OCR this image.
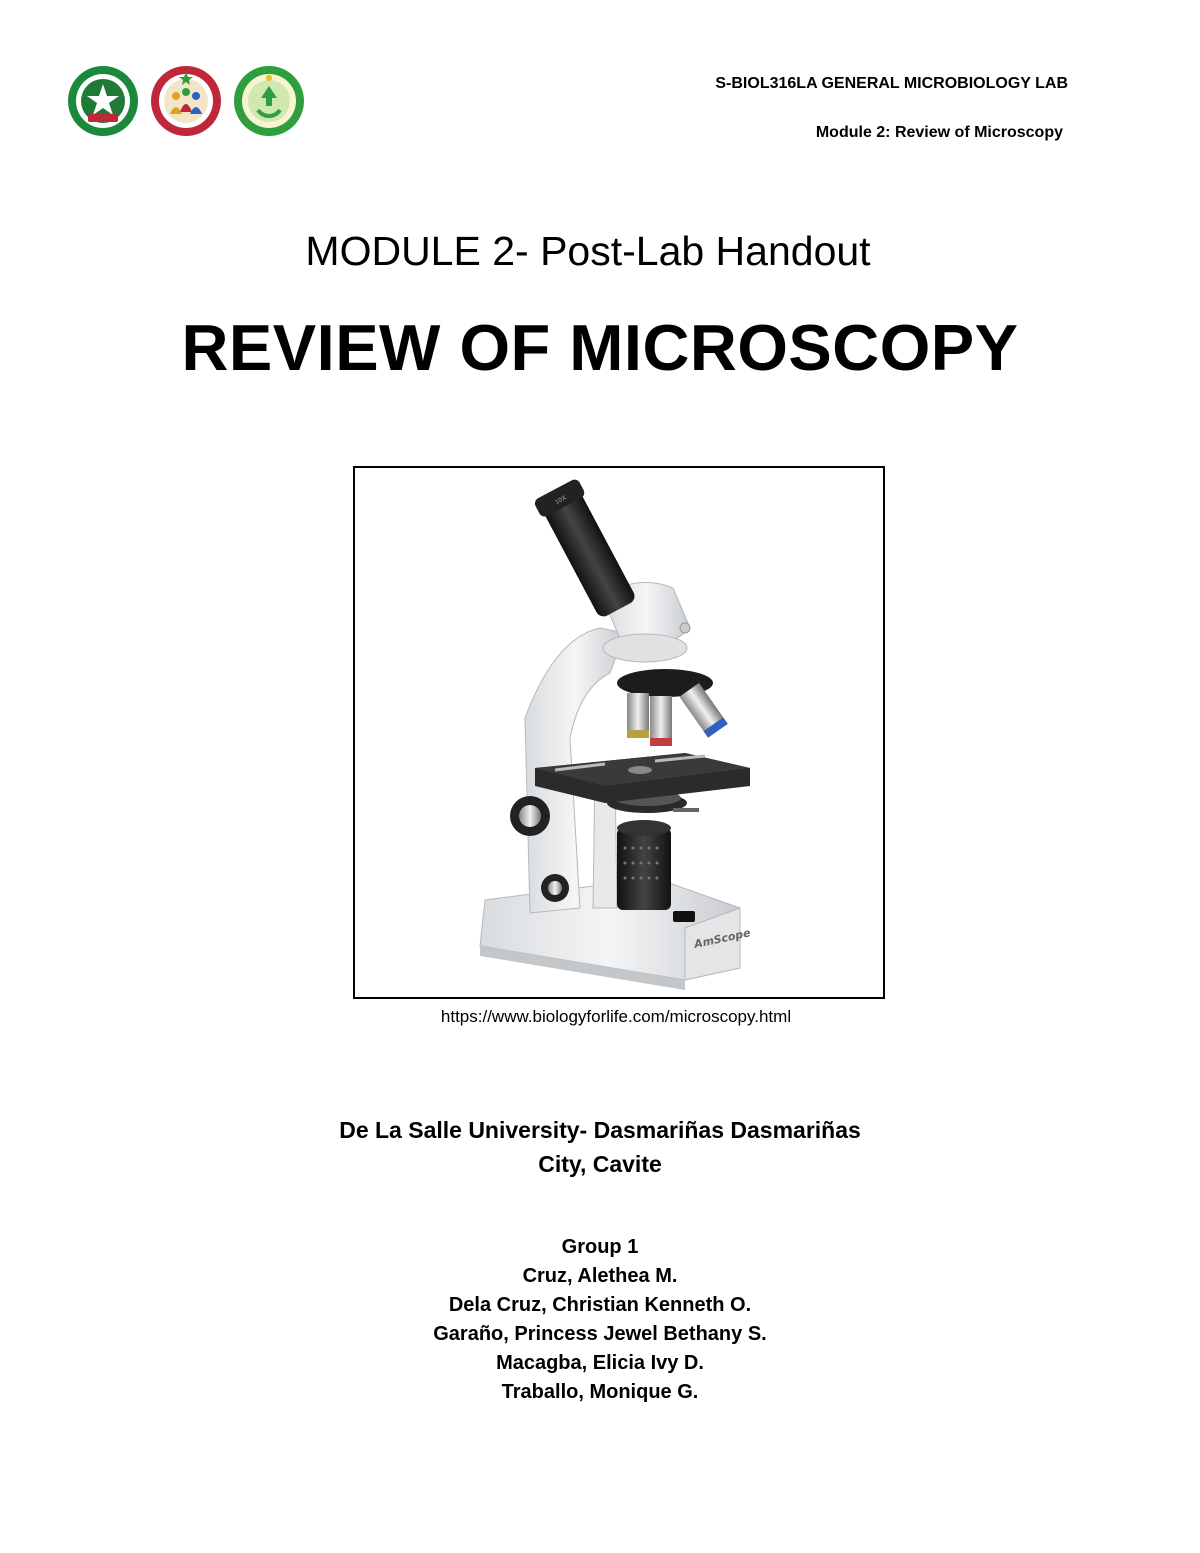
S-BIOL316LA GENERAL MICROBIOLOGY LAB
Module 2: Review of Microscopy
MODULE 2- Post-Lab Handout
REVIEW OF MICROSCOPY
AmScope
10X
https://www.biologyforlife.com/microscopy.html
De La Salle University- Dasmariñas Dasmariñas
City, Cavite
Group 1
Cruz, Alethea M.
Dela Cruz, Christian Kenneth O.
Garaño, Princess Jewel Bethany S.
Macagba, Elicia Ivy D.
Traballo, Monique G.
